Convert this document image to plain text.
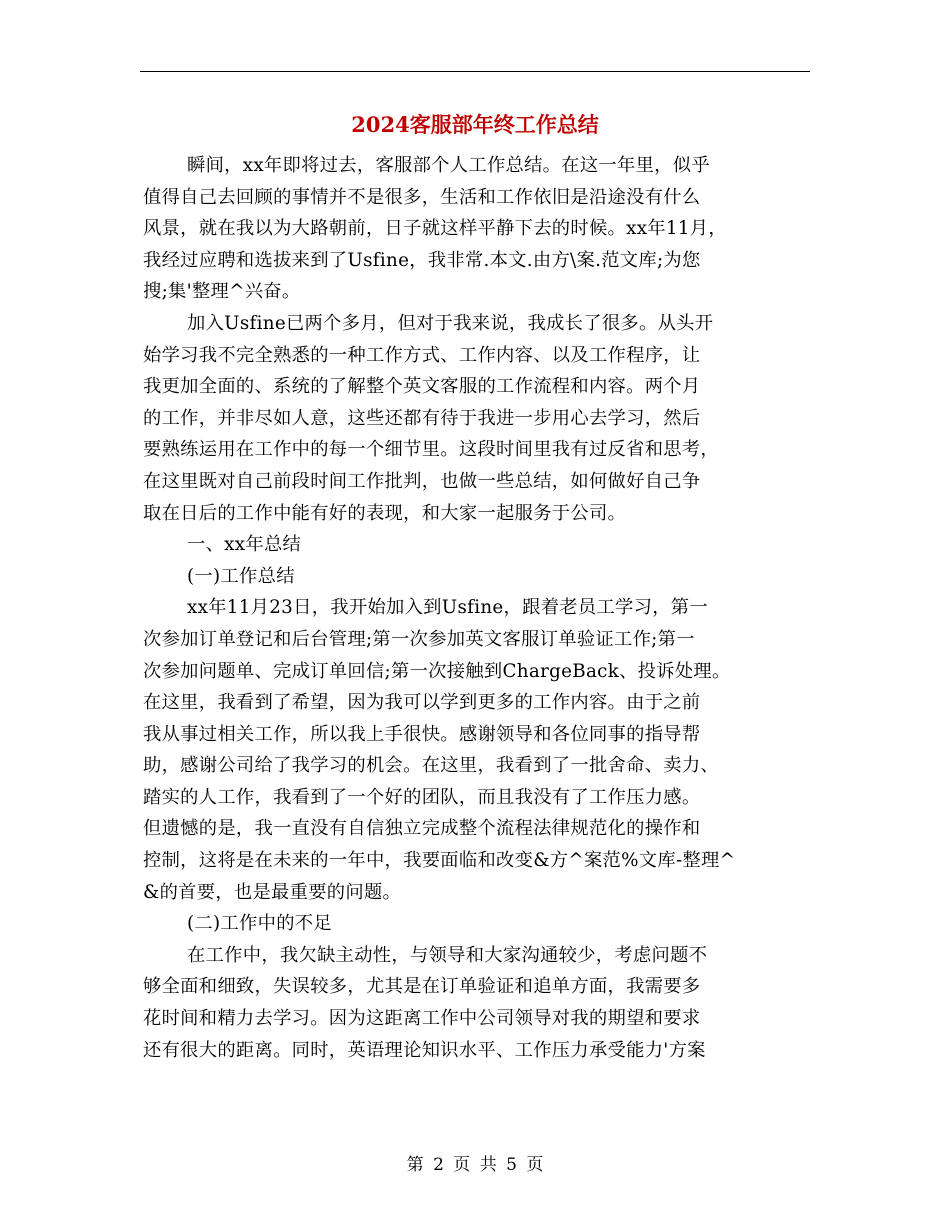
2024客服部年终工作总结
瞬间，xx年即将过去，客服部个人工作总结。在这一年里，似乎
值得自己去回顾的事情并不是很多，生活和工作依旧是沿途没有什么
风景，就在我以为大路朝前，日子就这样平静下去的时候。xx年11月，
我经过应聘和选拔来到了Usfine，我非常.本文.由方\案.范文库;为您
搜;集'整理^兴奋。
加入Usfine已两个多月，但对于我来说，我成长了很多。从头开
始学习我不完全熟悉的一种工作方式、工作内容、以及工作程序，让
我更加全面的、系统的了解整个英文客服的工作流程和内容。两个月
的工作，并非尽如人意，这些还都有待于我进一步用心去学习，然后
要熟练运用在工作中的每一个细节里。这段时间里我有过反省和思考，
在这里既对自己前段时间工作批判，也做一些总结，如何做好自己争
取在日后的工作中能有好的表现，和大家一起服务于公司。
一、xx年总结
(一)工作总结
xx年11月23日，我开始加入到Usfine，跟着老员工学习，第一
次参加订单登记和后台管理;第一次参加英文客服订单验证工作;第一
次参加问题单、完成订单回信;第一次接触到ChargeBack、投诉处理。
在这里，我看到了希望，因为我可以学到更多的工作内容。由于之前
我从事过相关工作，所以我上手很快。感谢领导和各位同事的指导帮
助，感谢公司给了我学习的机会。在这里，我看到了一批舍命、卖力、
踏实的人工作，我看到了一个好的团队，而且我没有了工作压力感。
但遗憾的是，我一直没有自信独立完成整个流程法律规范化的操作和
控制，这将是在未来的一年中，我要面临和改变&方^案范%文库-整理^
&的首要，也是最重要的问题。
(二)工作中的不足
在工作中，我欠缺主动性，与领导和大家沟通较少，考虑问题不
够全面和细致，失误较多，尤其是在订单验证和追单方面，我需要多
花时间和精力去学习。因为这距离工作中公司领导对我的期望和要求
还有很大的距离。同时，英语理论知识水平、工作压力承受能力'方案
第 2 页 共 5 页
